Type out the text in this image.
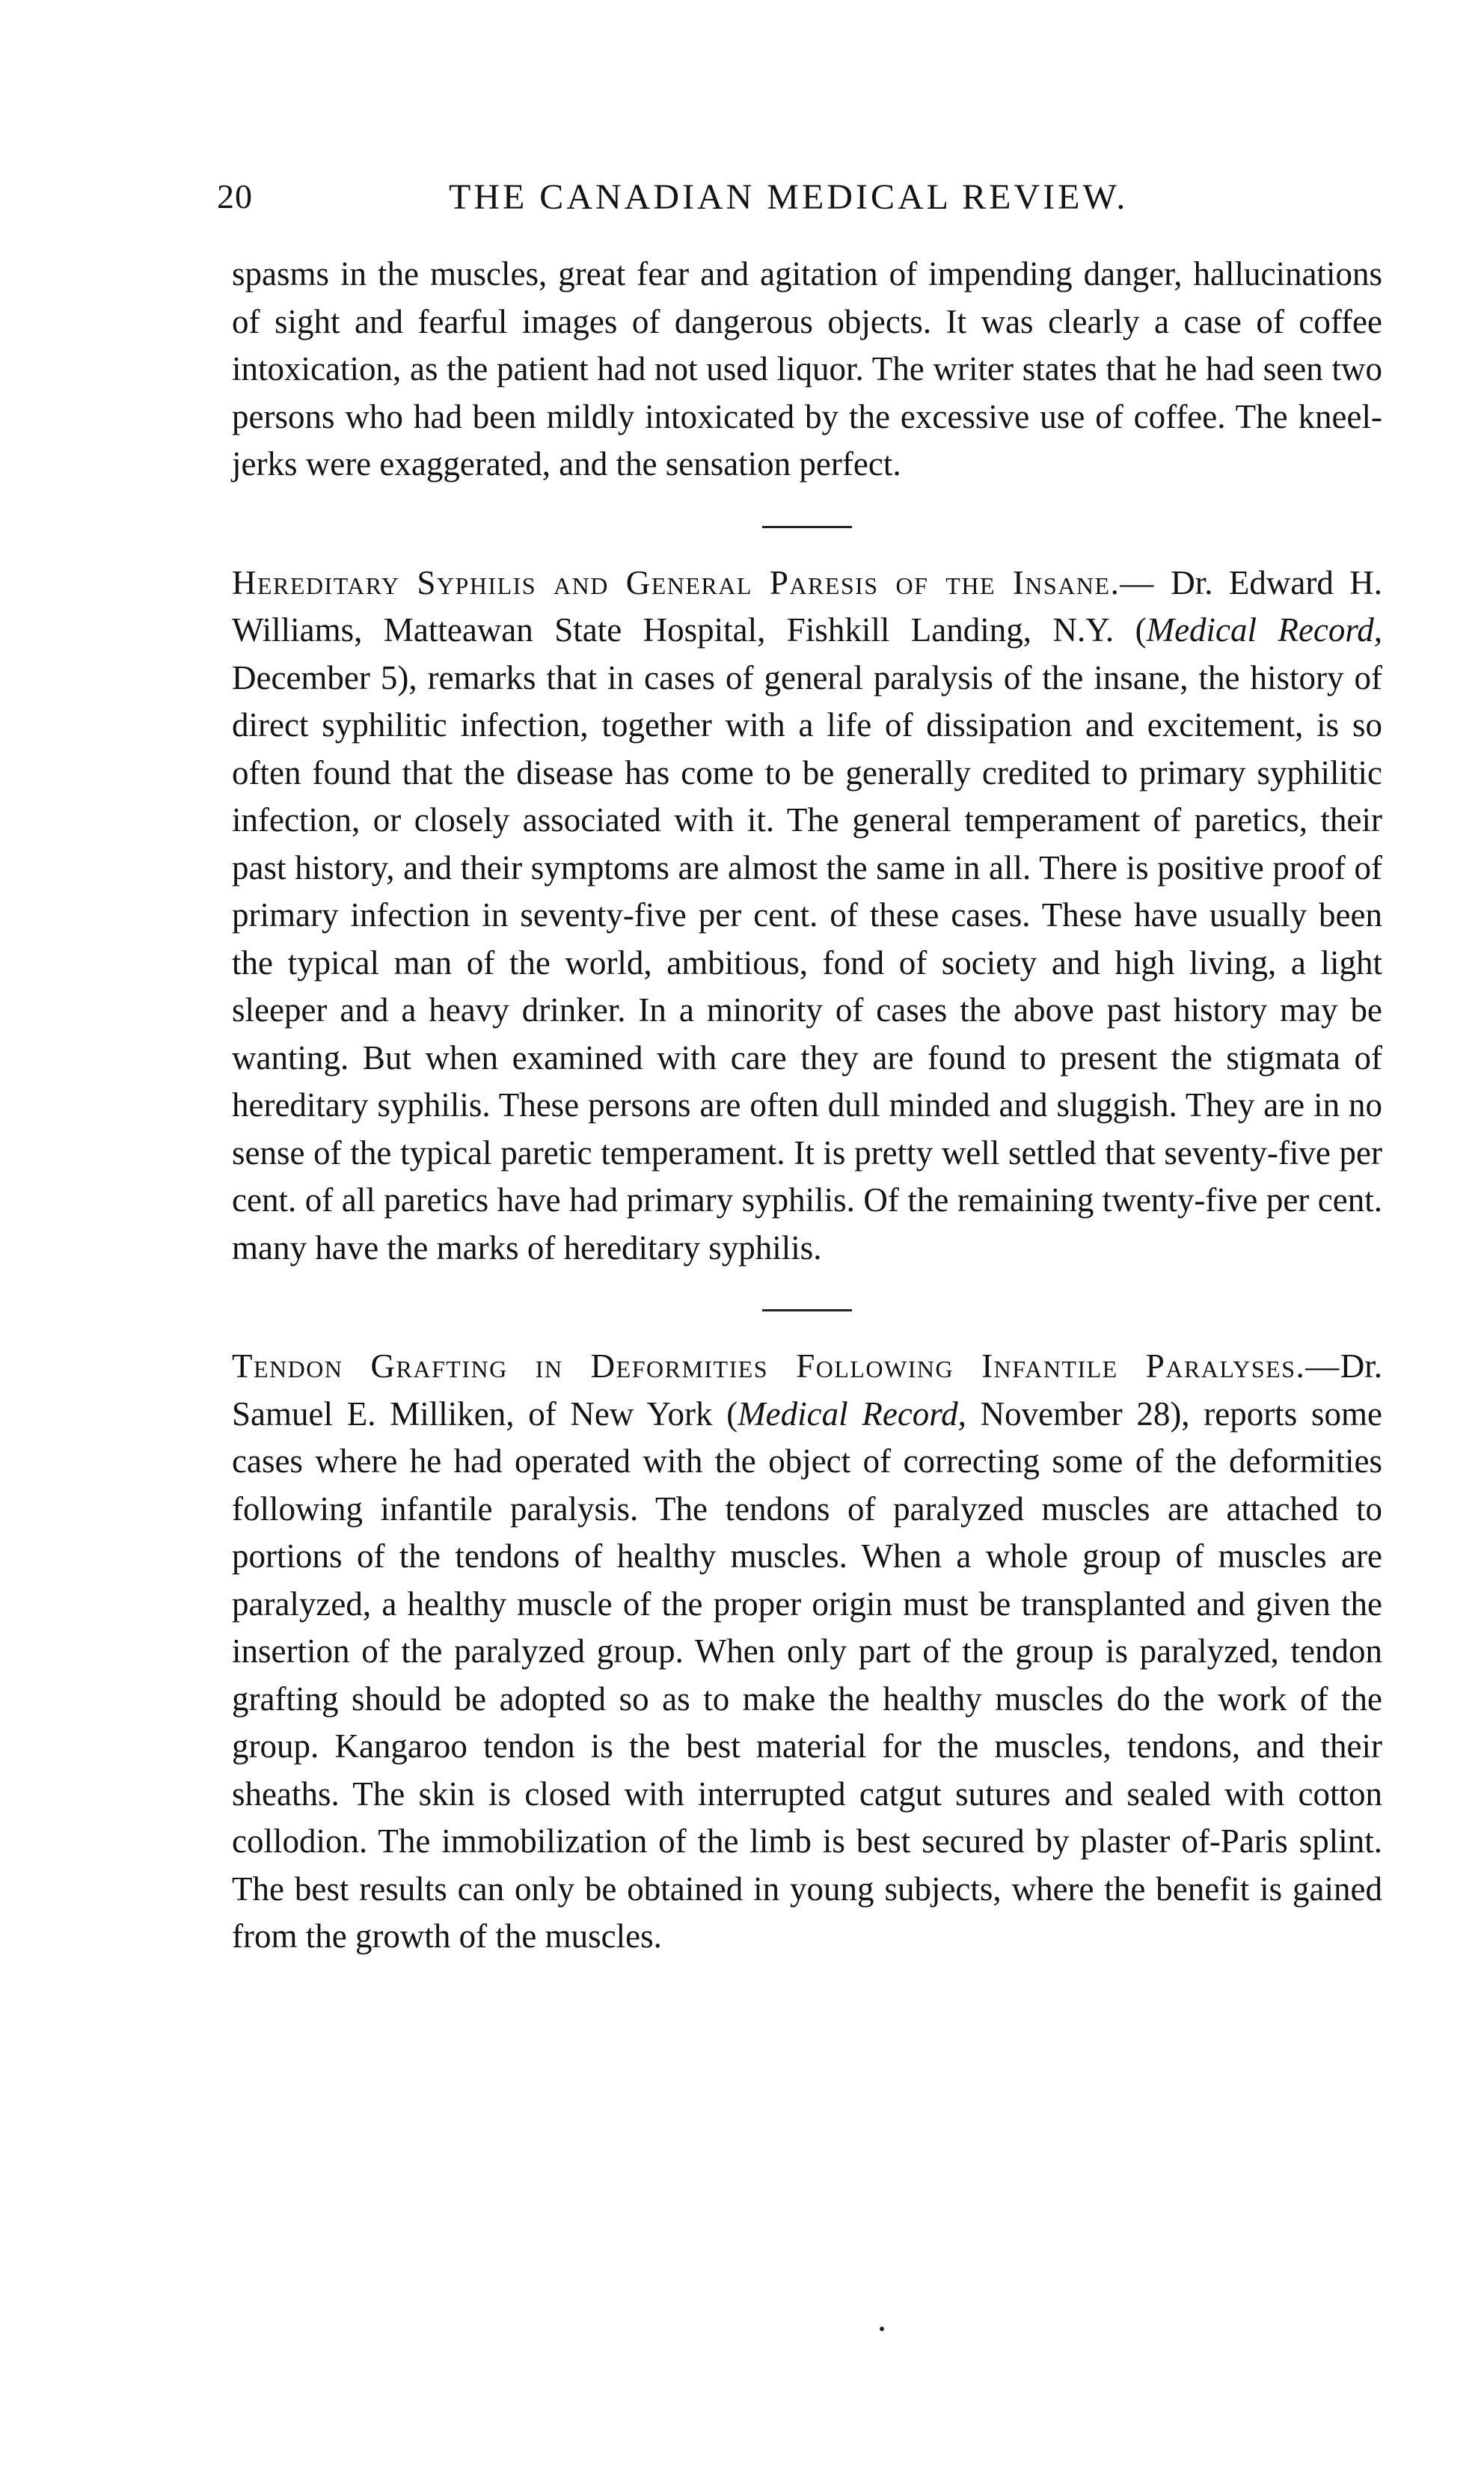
20	THE CANADIAN MEDICAL REVIEW.

spasms in the muscles, great fear and agitation of impending danger, hallucinations of sight and fearful images of dangerous objects. It was clearly a case of coffee intoxication, as the patient had not used liquor. The writer states that he had seen two persons who had been mildly intoxicated by the excessive use of coffee. The kneel-jerks were exaggerated, and the sensation perfect.

Hereditary Syphilis and General Paresis of the Insane.— Dr. Edward H. Williams, Matteawan State Hospital, Fishkill Landing, N.Y. (Medical Record, December 5), remarks that in cases of general paralysis of the insane, the history of direct syphilitic infection, together with a life of dissipation and excitement, is so often found that the disease has come to be generally credited to primary syphilitic infection, or closely associated with it. The general temperament of paretics, their past history, and their symptoms are almost the same in all. There is positive proof of primary infection in seventy-five per cent. of these cases. These have usually been the typical man of the world, ambitious, fond of society and high living, a light sleeper and a heavy drinker. In a minority of cases the above past history may be wanting. But when examined with care they are found to present the stigmata of hereditary syphilis. These persons are often dull minded and sluggish. They are in no sense of the typical paretic temperament. It is pretty well settled that seventy-five per cent. of all paretics have had primary syphilis. Of the remaining twenty-five per cent. many have the marks of hereditary syphilis.

Tendon Grafting in Deformities Following Infantile Paralyses.—Dr. Samuel E. Milliken, of New York (Medical Record, November 28), reports some cases where he had operated with the object of correcting some of the deformities following infantile paralysis. The tendons of paralyzed muscles are attached to portions of the tendons of healthy muscles. When a whole group of muscles are paralyzed, a healthy muscle of the proper origin must be transplanted and given the insertion of the paralyzed group. When only part of the group is paralyzed, tendon grafting should be adopted so as to make the healthy muscles do the work of the group. Kangaroo tendon is the best material for the muscles, tendons, and their sheaths. The skin is closed with interrupted catgut sutures and sealed with cotton collodion. The immobilization of the limb is best secured by plaster of-Paris splint. The best results can only be obtained in young subjects, where the benefit is gained from the growth of the muscles.
